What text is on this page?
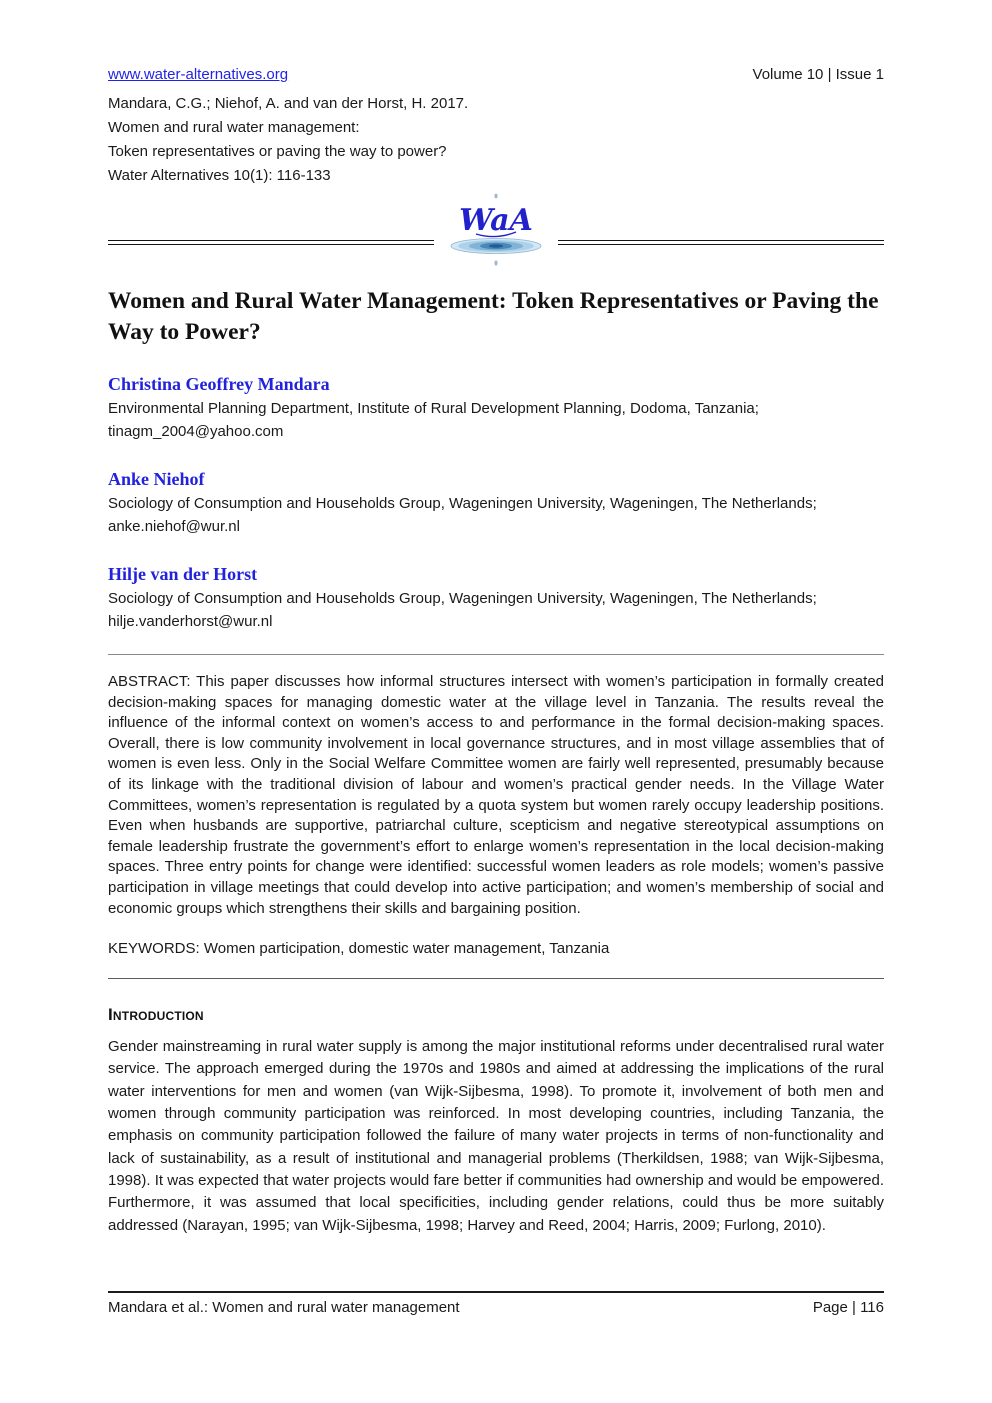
www.water-alternatives.org	Volume 10 | Issue 1
Mandara, C.G.; Niehof, A. and van der Horst, H. 2017.
Women and rural water management:
Token representatives or paving the way to power?
Water Alternatives 10(1): 116-133
WaA
Women and Rural Water Management: Token Representatives or Paving the Way to Power?
Christina Geoffrey Mandara
Environmental Planning Department, Institute of Rural Development Planning, Dodoma, Tanzania;
tinagm_2004@yahoo.com
Anke Niehof
Sociology of Consumption and Households Group, Wageningen University, Wageningen, The Netherlands;
anke.niehof@wur.nl
Hilje van der Horst
Sociology of Consumption and Households Group, Wageningen University, Wageningen, The Netherlands;
hilje.vanderhorst@wur.nl

ABSTRACT: This paper discusses how informal structures intersect with women’s participation in formally created decision-making spaces for managing domestic water at the village level in Tanzania. The results reveal the influence of the informal context on women’s access to and performance in the formal decision-making spaces. Overall, there is low community involvement in local governance structures, and in most village assemblies that of women is even less. Only in the Social Welfare Committee women are fairly well represented, presumably because of its linkage with the traditional division of labour and women’s practical gender needs. In the Village Water Committees, women’s representation is regulated by a quota system but women rarely occupy leadership positions. Even when husbands are supportive, patriarchal culture, scepticism and negative stereotypical assumptions on female leadership frustrate the government’s effort to enlarge women’s representation in the local decision-making spaces. Three entry points for change were identified: successful women leaders as role models; women’s passive participation in village meetings that could develop into active participation; and women’s membership of social and economic groups which strengthens their skills and bargaining position.

KEYWORDS: Women participation, domestic water management, Tanzania

Introduction

Gender mainstreaming in rural water supply is among the major institutional reforms under decentralised rural water service. The approach emerged during the 1970s and 1980s and aimed at addressing the implications of the rural water interventions for men and women (van Wijk-Sijbesma, 1998). To promote it, involvement of both men and women through community participation was reinforced. In most developing countries, including Tanzania, the emphasis on community participation followed the failure of many water projects in terms of non-functionality and lack of sustainability, as a result of institutional and managerial problems (Therkildsen, 1988; van Wijk-Sijbesma, 1998). It was expected that water projects would fare better if communities had ownership and would be empowered. Furthermore, it was assumed that local specificities, including gender relations, could thus be more suitably addressed (Narayan, 1995; van Wijk-Sijbesma, 1998; Harvey and Reed, 2004; Harris, 2009; Furlong, 2010).

Mandara et al.: Women and rural water management	Page | 116
